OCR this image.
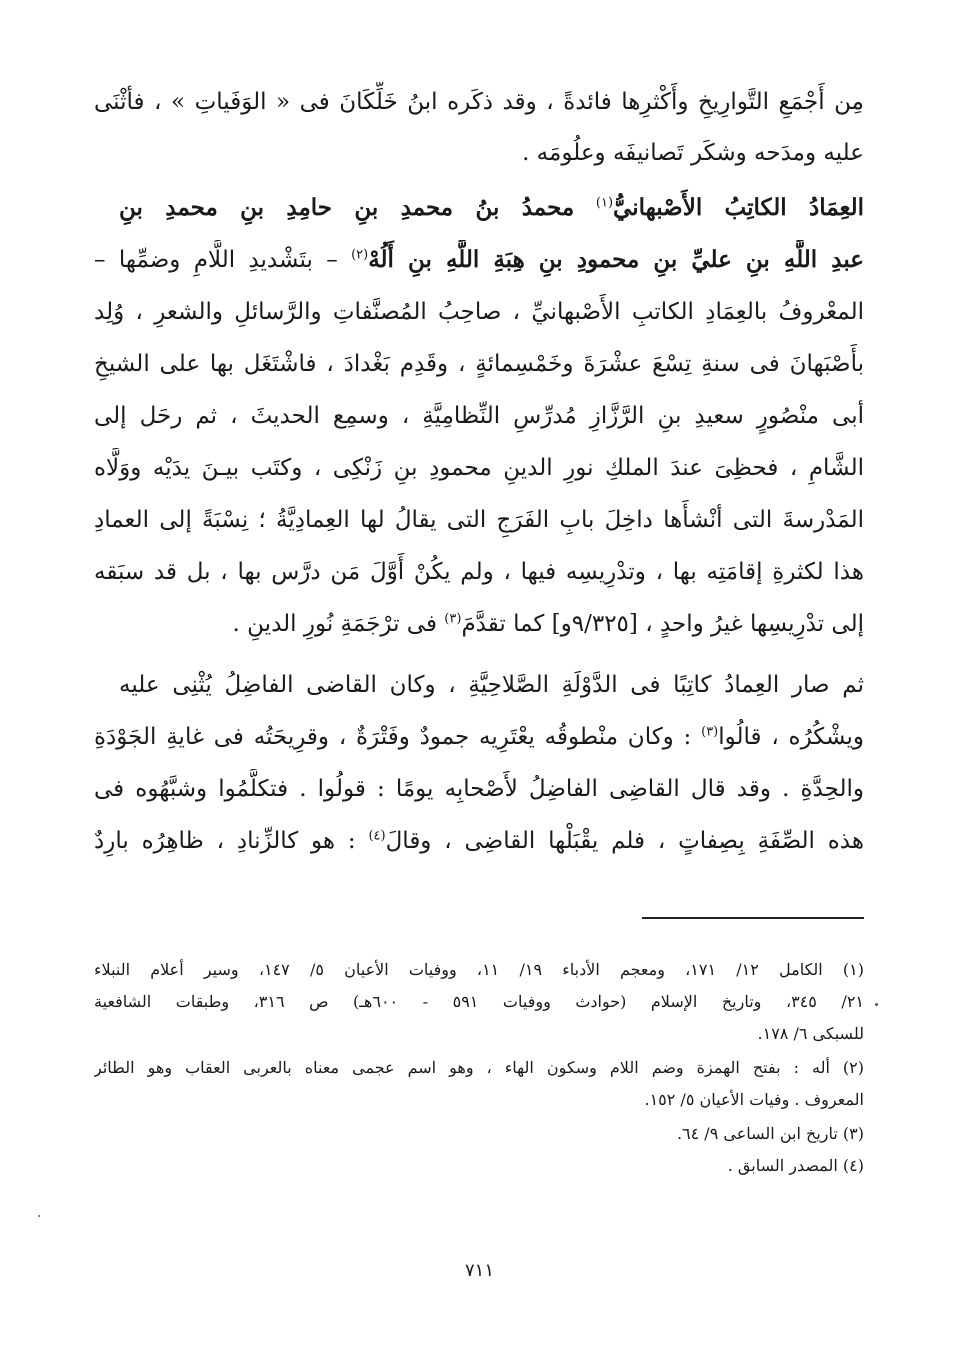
مِن أَجْمَعِ التَّوارِيخِ وأَكْثرِها فائدةً ، وقد ذكَره ابنُ خَلِّكَانَ فى « الوَفَياتِ » ، فأثْنَى
عليه ومدَحه وشكَر تَصانيفَه وعلُومَه .
العِمَادُ الكاتِبُ الأَصْبهانيُّ$^{(١)}$ محمدُ بنُ محمدِ بنِ حامِدِ بنِ محمدِ بنِ
عبدِ اللَّهِ بنِ عليِّ بنِ محمودِ بنِ هِبَةِ اللَّهِ بنِ أَلُهْ$^{(٢)}$ – بتَشْديدِ اللَّامِ وضمِّها –
المعْروفُ بالعِمَادِ الكاتبِ الأَصْبهانيِّ ، صاحِبُ المُصنَّفاتِ والرَّسائلِ والشعرِ ، وُلِد
بأَصْبَهانَ فى سنةِ تِسْعَ عشْرَةَ وخَمْسِمائةٍ ، وقَدِم بَغْدادَ ، فاشْتَغَل بها على الشيخِ
أبى منْصُورٍ سعيدِ بنِ الرَّزَّازِ مُدرِّسِ النِّظامِيَّةِ ، وسمِع الحديثَ ، ثم رحَل إلى
الشَّامِ ، فحظِىَ عندَ الملكِ نورِ الدينِ محمودِ بنِ زَنْكِى ، وكتَب بيـنَ يدَيْه ووَلَّاه
المَدْرسةَ التى أنْشأَها داخِلَ بابِ الفَرَجِ التى يقالُ لها العِمادِيَّةُ ؛ نِسْبَةً إلى العمادِ
هذا لكثرةِ إقامَتِه بها ، وتدْرِيسِه فيها ، ولم يكُنْ أَوَّلَ مَن درَّس بها ، بل قد سبَقه
إلى تدْرِيسِها غيرُ واحدٍ ، [٩/٣٢٥و] كما تقدَّمَ$^{(٣)}$ فى ترْجَمَةِ نُورِ الدينِ .
ثم صار العِمادُ كاتِبًا فى الدَّوْلَةِ الصَّلاحِيَّةِ ، وكان القاضى الفاضِلُ يُثْنِى عليه
ويشْكُرُه ، قالُوا$^{(٣)}$ : وكان منْطوقُه يعْتَرِيه جمودٌ وفَتْرَةٌ ، وقرِيحَتُه فى غايةِ الجَوْدَةِ
والحِدَّةِ . وقد قال القاضِى الفاضِلُ لأَصْحابِه يومًا : قولُوا . فتكلَّمُوا وشبَّهُوه فى
هذه الصِّفَةِ بِصِفاتٍ ، فلم يقْبَلْها القاضِى ، وقالَ$^{(٤)}$ : هو كالزِّنادِ ، ظاهِرُه بارِدٌ
(١) الكامل ١٢/ ١٧١، ومعجم الأدباء ١٩/ ١١، ووفيات الأعيان ٥/ ١٤٧، وسير أعلام النبلاء
٢١/ ٣٤٥، وتاريخ الإسلام (حوادث ووفيات ٥٩١ - ٦٠٠هـ) ص ٣١٦، وطبقات الشافعية
للسبكى ٦/ ١٧٨.
(٢) أله : بفتح الهمزة وضم اللام وسكون الهاء ، وهو اسم عجمى معناه بالعربى العقاب وهو الطائر
المعروف . وفيات الأعيان ٥/ ١٥٢.
(٣) تاريخ ابن الساعى ٩/ ٦٤.
(٤) المصدر السابق .
٧١١
